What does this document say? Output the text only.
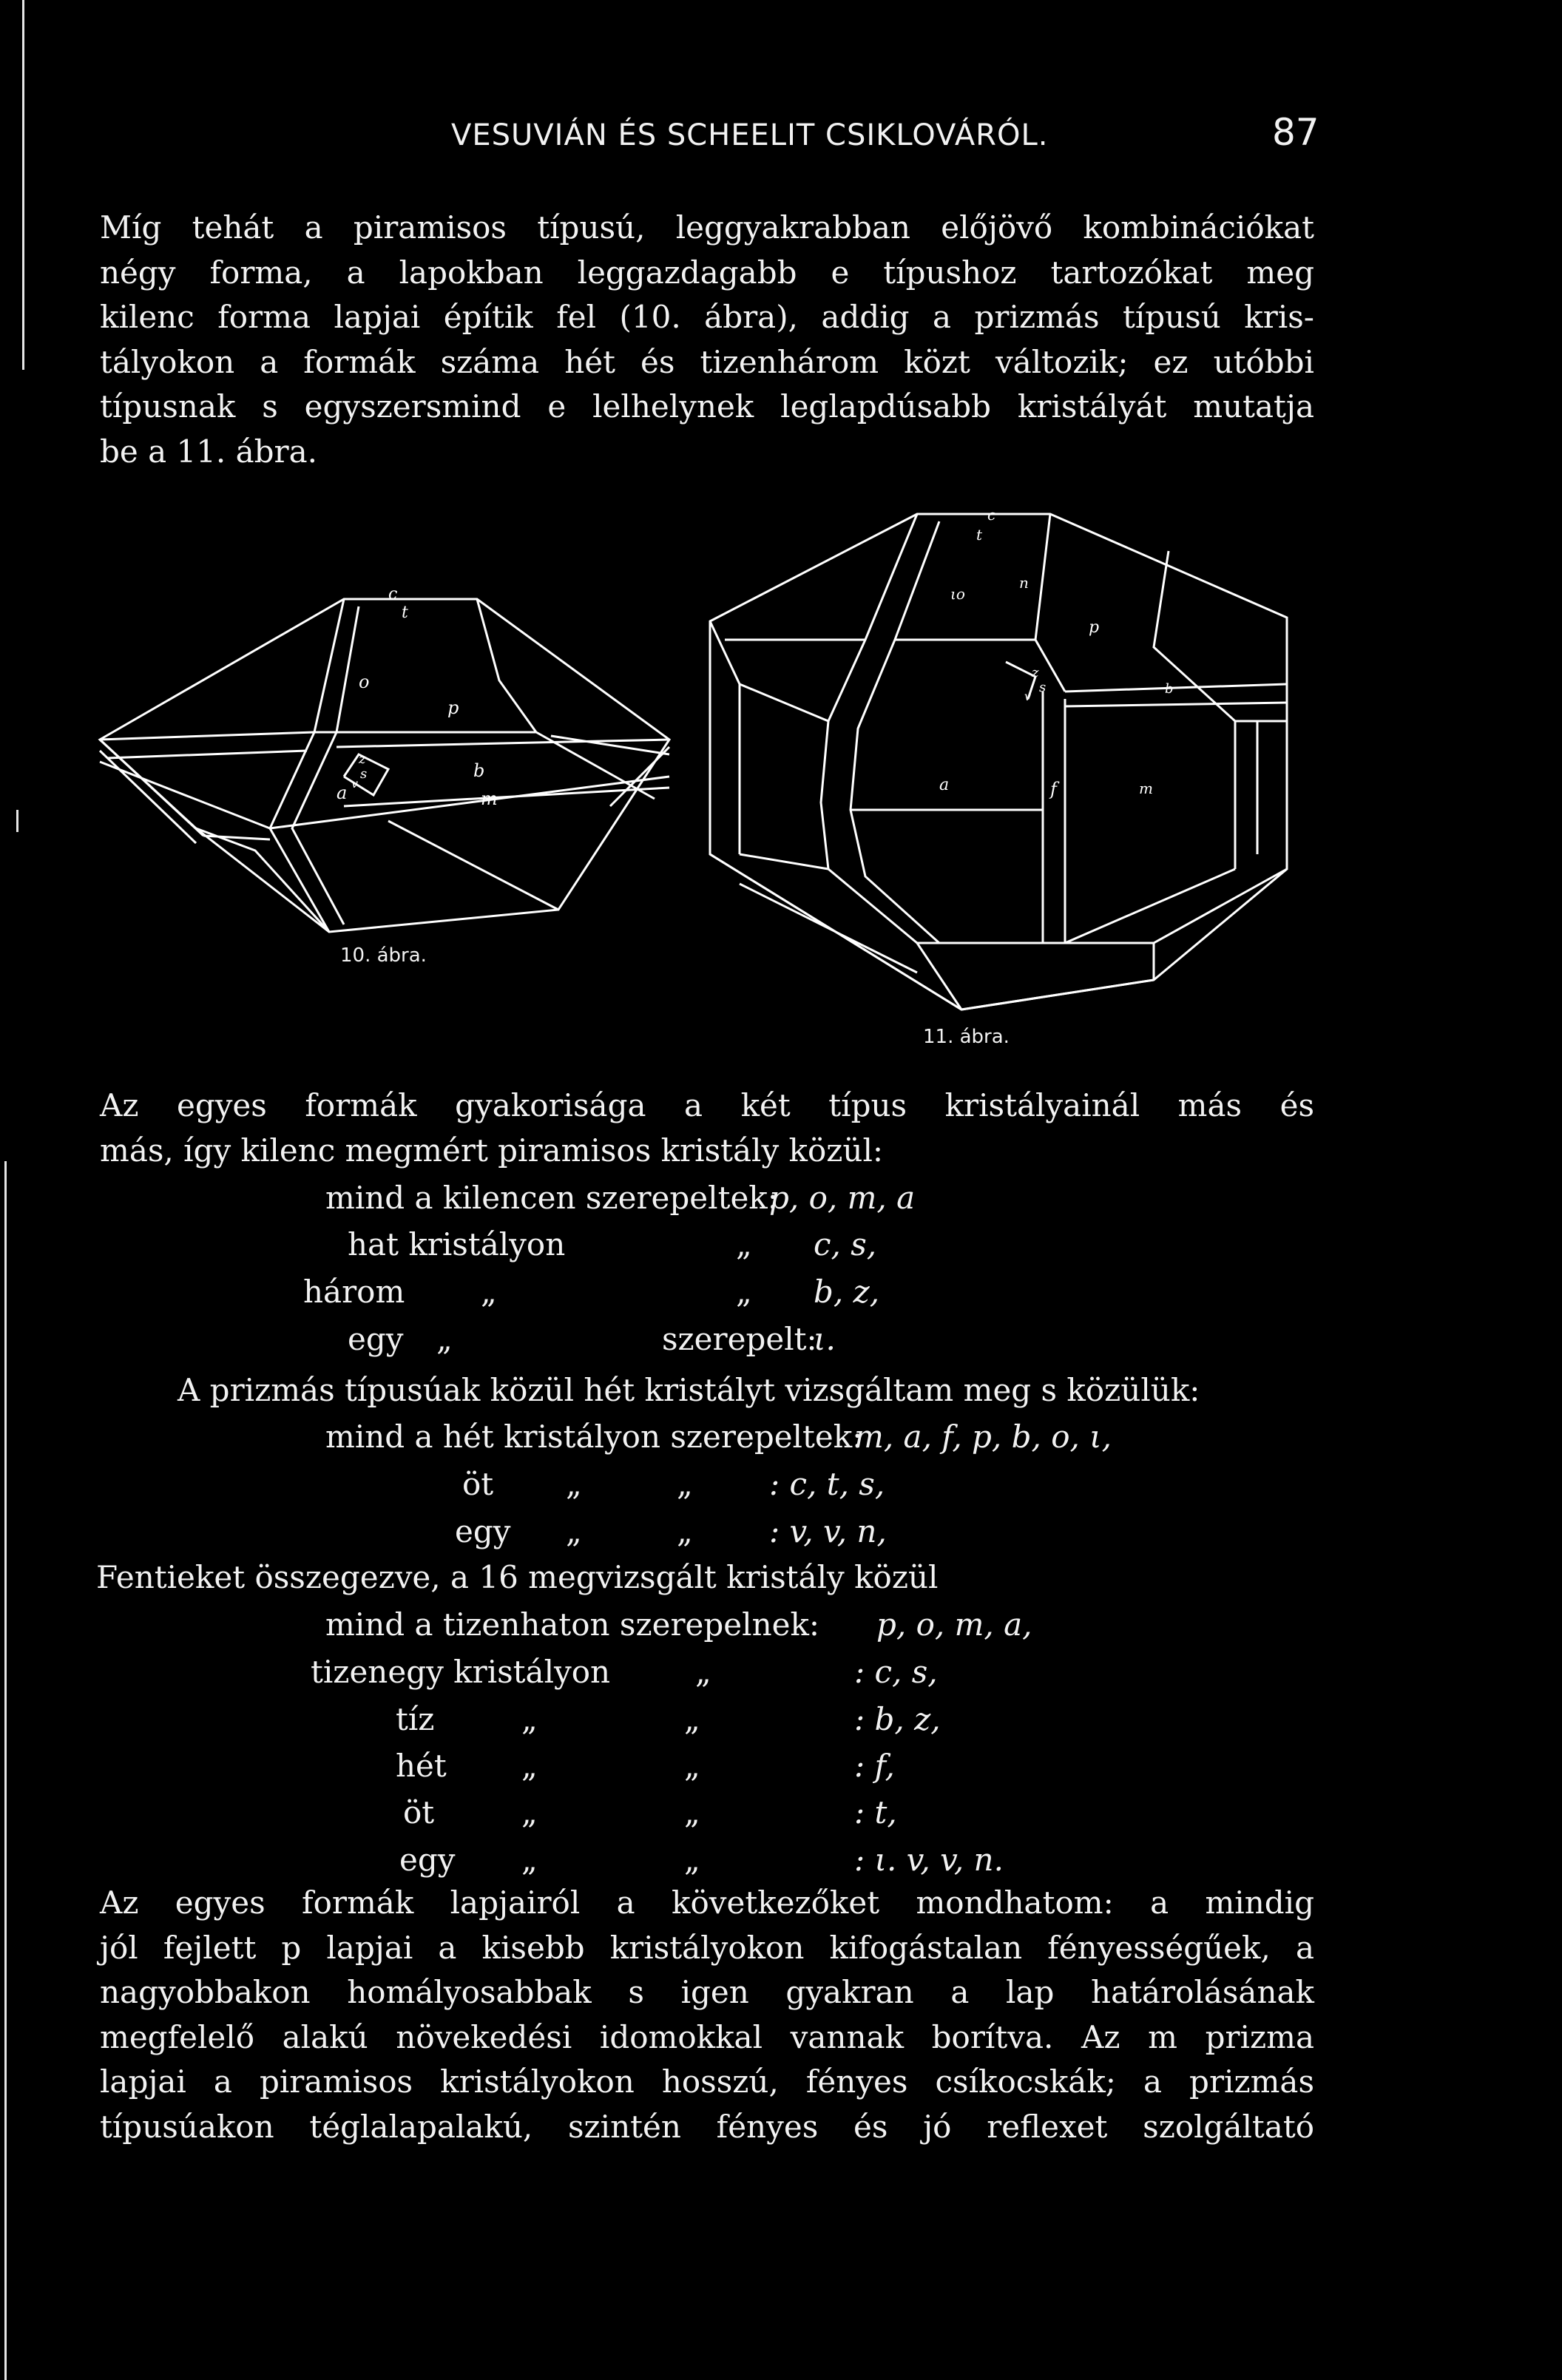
VESUVIÁN ÉS SCHEELIT CSIKLOVÁRÓL.	87
Míg tehát a piramisos típusú, leggyakrabban előjövő kombinációkat
négy forma, a lapokban leggazdagabb e típushoz tartozókat meg
kilenc forma lapjai építik fel (10. ábra), addig a prizmás típusú kris-
tályokon a formák száma hét és tizenhárom közt változik; ez utóbbi
típusnak s egyszersmind e lelhelynek leglapdúsabb kristályát mutatja
be a 11. ábra.
c
t
o
p
b
m
a
z
s
v
10. ábra.
c
t
ιο
n
p
z
s
v
a	f	m
b
11. ábra.
Az egyes formák gyakorisága a két típus kristályainál más és
más, így kilenc megmért piramisos kristály közül:
mind a kilencen szerepeltek:
p, o, m, a
hat kristályon	„ c, s,
három „	„ b, z,
egy „	szerepelt:
ι.
A prizmás típusúak közül hét kristályt vizsgáltam meg s közülük:
mind a hét kristályon szerepeltek:
m, a, f, p, b, o, ι,
öt „	„ : c, t, s,
egy „	„ : v, v, n,
Fentieket összegezve, a 16 megvizsgált kristály közül
mind a tizenhaton szerepelnek: p, o, m, a,
tizenegy kristályon	„	: c, s,
tíz	„	„	: b, z,
hét „	„	: f,
öt	„	„	: t,
egy „	„	: ι. v, v, n.
Az egyes formák lapjairól a következőket mondhatom: a mindig
jól fejlett p lapjai a kisebb kristályokon kifogástalan fényességűek, a
nagyobbakon homályosabbak s igen gyakran a lap határolásának
megfelelő alakú növekedési idomokkal vannak borítva. Az m prizma
lapjai a piramisos kristályokon hosszú, fényes csíkocskák; a prizmás
típusúakon téglalapalakú, szintén fényes és jó reflexet szolgáltató
